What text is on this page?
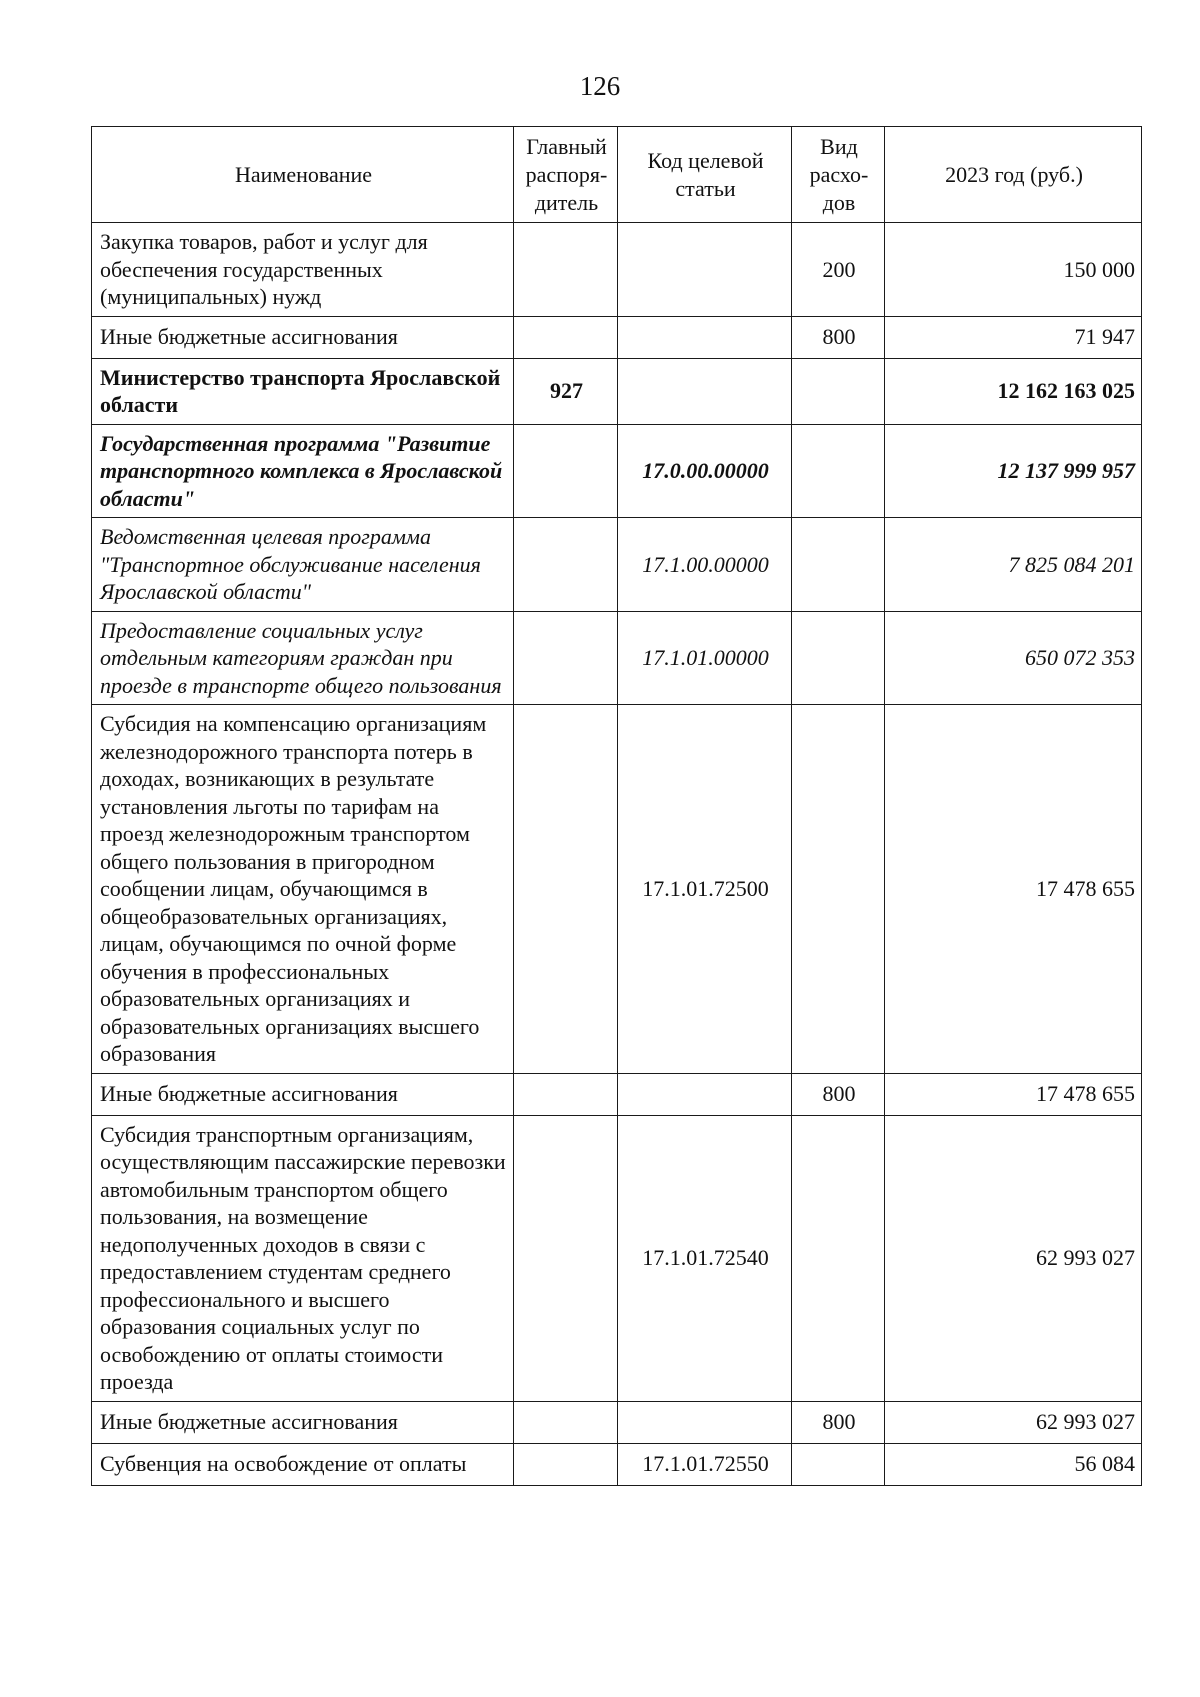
126
Наименование	Главный распоря-дитель	Код целевой статьи	Вид расхо-дов	2023 год (руб.)
Закупка товаров, работ и услуг для обеспечения государственных (муниципальных) нужд			200	150 000
Иные бюджетные ассигнования			800	71 947
Министерство транспорта Ярославской области	927			12 162 163 025
Государственная программа "Развитие транспортного комплекса в Ярославской области"		17.0.00.00000		12 137 999 957
Ведомственная целевая программа "Транспортное обслуживание населения Ярославской области"		17.1.00.00000		7 825 084 201
Предоставление социальных услуг отдельным категориям граждан при проезде в транспорте общего пользования		17.1.01.00000		650 072 353
Субсидия на компенсацию организациям железнодорожного транспорта потерь в доходах, возникающих в результате установления льготы по тарифам на проезд железнодорожным транспортом общего пользования в пригородном сообщении лицам, обучающимся в общеобразовательных организациях, лицам, обучающимся по очной форме обучения в профессиональных образовательных организациях и образовательных организациях высшего образования		17.1.01.72500		17 478 655
Иные бюджетные ассигнования			800	17 478 655
Субсидия транспортным организациям, осуществляющим пассажирские перевозки автомобильным транспортом общего пользования, на возмещение недополученных доходов в связи с предоставлением студентам среднего профессионального и высшего образования социальных услуг по освобождению от оплаты стоимости проезда		17.1.01.72540		62 993 027
Иные бюджетные ассигнования			800	62 993 027
Субвенция на освобождение от оплаты		17.1.01.72550		56 084
